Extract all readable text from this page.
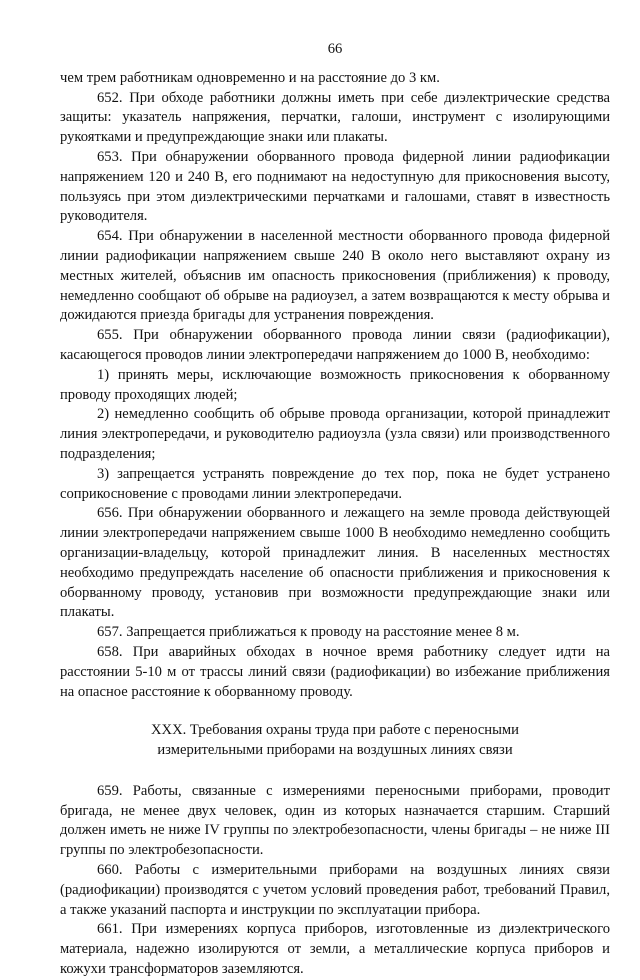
66

чем трем работникам одновременно и на расстояние до 3 км.

652. При обходе работники должны иметь при себе диэлектрические средства защиты: указатель напряжения, перчатки, галоши, инструмент с изолирующими рукоятками и предупреждающие знаки или плакаты.

653. При обнаружении оборванного провода фидерной линии радиофикации напряжением 120 и 240 В, его поднимают на недоступную для прикосновения высоту, пользуясь при этом диэлектрическими перчатками и галошами, ставят в известность руководителя.

654. При обнаружении в населенной местности оборванного провода фидерной линии радиофикации напряжением свыше 240 В около него выставляют охрану из местных жителей, объяснив им опасность прикосновения (приближения) к проводу, немедленно сообщают об обрыве на радиоузел, а затем возвращаются к месту обрыва и дожидаются приезда бригады для устранения повреждения.

655. При обнаружении оборванного провода линии связи (радиофикации), касающегося проводов линии электропередачи напряжением до 1000 В, необходимо:

1) принять меры, исключающие возможность прикосновения к оборванному проводу проходящих людей;

2) немедленно сообщить об обрыве провода организации, которой принадлежит линия электропередачи, и руководителю радиоузла (узла связи) или производственного подразделения;

3) запрещается устранять повреждение до тех пор, пока не будет устранено соприкосновение с проводами линии электропередачи.

656. При обнаружении оборванного и лежащего на земле провода действующей линии электропередачи напряжением свыше 1000 В необходимо немедленно сообщить организации-владельцу, которой принадлежит линия. В населенных местностях необходимо предупреждать население об опасности приближения и прикосновения к оборванному проводу, установив при возможности предупреждающие знаки или плакаты.

657. Запрещается приближаться к проводу на расстояние менее 8 м.

658. При аварийных обходах в ночное время работнику следует идти на расстоянии 5-10 м от трассы линий связи (радиофикации) во избежание приближения на опасное расстояние к оборванному проводу.

XXX. Требования охраны труда при работе с переносными
измерительными приборами на воздушных линиях связи

659. Работы, связанные с измерениями переносными приборами, проводит бригада, не менее двух человек, один из которых назначается старшим. Старший должен иметь не ниже IV группы по электробезопасности, члены бригады – не ниже III группы по электробезопасности.

660. Работы с измерительными приборами на воздушных линиях связи (радиофикации) производятся с учетом условий проведения работ, требований Правил, а также указаний паспорта и инструкции по эксплуатации прибора.

661. При измерениях корпуса приборов, изготовленные из диэлектрического материала, надежно изолируются от земли, а металлические корпуса приборов и кожухи трансформаторов заземляются.
